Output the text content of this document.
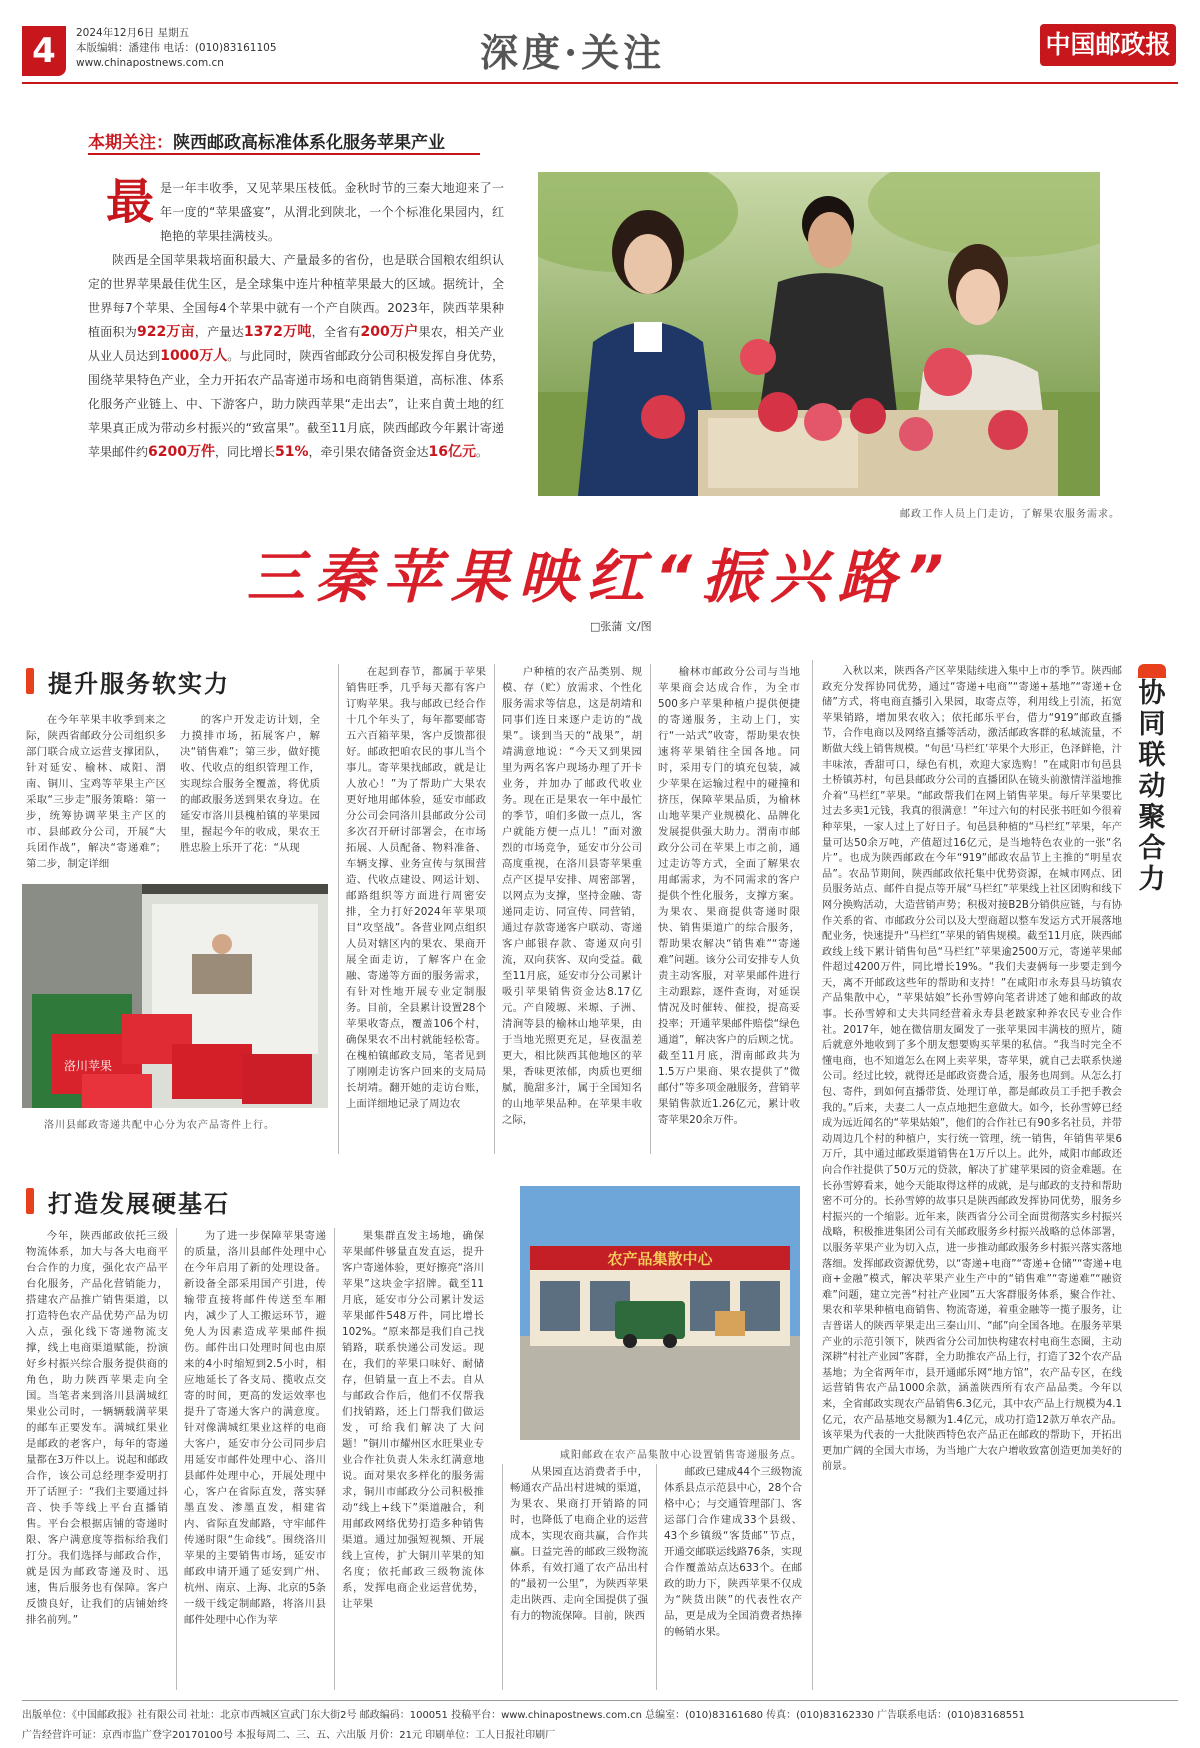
4	2024年12月6日 星期五
本版编辑：潘建伟 电话：(010)83161105
www.chinapostnews.com.cn	深度·关注	中国邮政报
本期关注：陕西邮政高标准体系化服务苹果产业

最是一年丰收季，又见苹果压枝低。金秋时节的三秦大地迎来了一年一度的“苹果盛宴”，从渭北到陕北，一个个标准化果园内，红艳艳的苹果挂满枝头。

陕西是全国苹果栽培面积最大、产量最多的省份，也是联合国粮农组织认定的世界苹果最佳优生区，是全球集中连片种植苹果最大的区域。据统计，全世界每7个苹果、全国每4个苹果中就有一个产自陕西。2023年，陕西苹果种植面积为922万亩，产量达1372万吨，全省有200万户果农，相关产业从业人员达到1000万人。与此同时，陕西省邮政分公司积极发挥自身优势，围绕苹果特色产业，全力开拓农产品寄递市场和电商销售渠道，高标准、体系化服务产业链上、中、下游客户，助力陕西苹果“走出去”，让来自黄土地的红苹果真正成为带动乡村振兴的“致富果”。截至11月底，陕西邮政今年累计寄递苹果邮件约6200万件，同比增长51%，牵引果农储备资金达16亿元。

邮政工作人员上门走访，了解果农服务需求。
三秦苹果映红“振兴路”
□张蒲 文/图
提升服务软实力

在今年苹果丰收季到来之际，陕西省邮政分公司组织多部门联合成立运营支撑团队，针对延安、榆林、咸阳、渭南、铜川、宝鸡等苹果主产区采取“三步走”服务策略：第一步，统筹协调苹果主产区的市、县邮政分公司，开展“大兵团作战”，解决“寄递难”；第二步，制定详细

的客户开发走访计划，全力摸排市场，拓展客户，解决“销售难”；第三步，做好揽收、代收点的组织管理工作，实现综合服务全覆盖，将优质的邮政服务送到果农身边。在延安市洛川县槐柏镇的苹果园里，握起今年的收成，果农王胜忠脸上乐开了花：“从现

洛川苹果
洛川县邮政寄递共配中心分为农产品寄件上行。

在起到春节，都属于苹果销售旺季，几乎每天都有客户订购苹果。我与邮政已经合作十几个年头了，每年都要邮寄五六百箱苹果，客户反馈都很好。邮政把咱农民的事儿当个事儿。寄苹果找邮政，就是让人放心！”为了帮助广大果农更好地用邮体验，延安市邮政分公司会同洛川县邮政分公司多次召开研讨部署会，在市场拓展、人员配备、物料准备、车辆支撑、业务宣传与氛围营造、代收点建设、网运计划、邮路组织等方面进行周密安排，全力打好2024年苹果项目“攻坚战”。各营业网点组织人员对辖区内的果农、果商开展全面走访，了解客户在金融、寄递等方面的服务需求，有针对性地开展专业定制服务。目前，全县累计设置28个苹果收寄点，覆盖106个村，确保果农不出村就能轻松寄。在槐柏镇邮政支局，笔者见到了刚刚走访客户回来的支局局长胡靖。翻开她的走访台账，上面详细地记录了周边农

户种植的农产品类别、规模、存（贮）放需求、个性化服务需求等信息，这是胡靖和同事们连日来逐户走访的“战果”。谈到当天的“战果”，胡靖满意地说：“今天又到果园里为两名客户现场办理了开卡业务，并加办了邮政代收业务。现在正是果农一年中最忙的季节，咱们多做一点儿，客户就能方便一点儿！”面对激烈的市场竞争，延安市分公司高度重视，在洛川县寄苹果重点产区提早安排、周密部署，以网点为支撑，坚持金融、寄递同走访、同宣传、同营销，通过存款寄递客户联动、寄递客户邮银存款、寄递双向引流，双向获客、双向受益。截至11月底，延安市分公司累计吸引苹果销售资金达8.17亿元。产自陵塬、米塬、子洲、清涧等县的榆林山地苹果，由于当地光照更充足，昼夜温差更大，相比陕西其他地区的苹果，香味更浓郁，肉质也更细腻，脆甜多汁，属于全国知名的山地苹果品种。在苹果丰收之际，

榆林市邮政分公司与当地苹果商会达成合作，为全市500多户苹果种植户提供便捷的寄递服务，主动上门，实行“一站式”收寄，帮助果农快速将苹果销往全国各地。同时，采用专门的填充包装，减少苹果在运输过程中的碰撞和挤压，保障苹果品质，为榆林山地苹果产业规模化、品牌化发展提供强大助力。渭南市邮政分公司在苹果上市之前，通过走访等方式，全面了解果农用邮需求，为不同需求的客户提供个性化服务，支撑方案。为果农、果商提供寄递时限快、销售渠道广的综合服务，帮助果农解决“销售难”“寄递难”问题。该分公司安排专人负责主动客服，对苹果邮件进行主动跟踪，逐件查询，对延误情况及时催转、催投，提高妥投率；开通苹果邮件赔偿“绿色通道”，解决客户的后顾之忧。截至11月底，渭南邮政共为1.5万户果商、果农提供了“微邮付”等多项金融服务，营销苹果销售款近1.26亿元，累计收寄苹果20余万件。

打造发展硬基石

今年，陕西邮政依托三级物流体系，加大与各大电商平台合作的力度，强化农产品平台化服务，产品化营销能力，搭建农产品推广销售渠道，以打造特色农产品优势产品为切入点，强化线下寄递物流支撑，线上电商渠道赋能，扮演好乡村振兴综合服务提供商的角色，助力陕西苹果走向全国。当笔者来到洛川县满城红果业公司时，一辆辆载满苹果的邮车正要发车。满城红果业是邮政的老客户，每年的寄递量都在3万件以上。说起和邮政合作，该公司总经理李爱明打开了话匣子：“我们主要通过抖音、快手等线上平台直播销售。平台会根据店铺的寄递时限、客户满意度等指标给我们打分。我们选择与邮政合作，就是因为邮政寄递及时、迅速，售后服务也有保障。客户反馈良好，让我们的店铺始终排名前列。”

为了进一步保障苹果寄递的质量，洛川县邮件处理中心在今年启用了新的处理设备。新设备全部采用国产引进，传输带直接将邮件传送至车厢内，减少了人工搬运环节，避免人为因素造成苹果邮件损伤。邮件出口处理时间也由原来的4小时缩短到2.5小时，相应地延长了各支局、揽收点交寄的时间，更高的发运效率也提升了寄递大客户的满意度。针对像满城红果业这样的电商大客户，延安市分公司同步启用延安市邮件处理中心、洛川县邮件处理中心，开展处理中心，客户在省际直发，落实驿墨直发、渗墨直发，相建省内、省际直发邮路，守牢邮件传递时限“生命线”。围绕洛川苹果的主要销售市场，延安市邮政申请开通了延安到广州、杭州、南京、上海、北京的5条一级干线定制邮路，将洛川县邮件处理中心作为苹

果集群直发主场地，确保苹果邮件够量直发直运，提升客户寄递体验，更好擦亮“洛川苹果”这块金字招牌。截至11月底，延安市分公司累计发运苹果邮件548万件，同比增长102%。“原来都是我们自己找销路，联系快递公司发运。现在，我们的苹果口味好、耐储存，但销量一直上不去。自从与邮政合作后，他们不仅帮我们找销路，还上门帮我们做运发，可给我们解决了大问题！”铜川市耀州区水旺果业专业合作社负责人朱永红满意地说。面对果农多样化的服务需求，铜川市邮政分公司积极推动“线上+线下”渠道融合，利用邮政网络优势打造多种销售渠道。通过加强短视频、开展线上宣传，扩大铜川苹果的知名度；依托邮政三级物流体系，发挥电商企业运营优势，让苹果

农产品集散中心
咸阳邮政在农产品集散中心设置销售寄递服务点。

从果园直达消费者手中，畅通农产品出村进城的渠道，为果农、果商打开销路的同时，也降低了电商企业的运营成本，实现农商共赢，合作共赢。日益完善的邮政三级物流体系，有效打通了农产品出村的“最初一公里”，为陕西苹果走出陕西、走向全国提供了强有力的物流保障。目前，陕西

邮政已建成44个三级物流体系县点示范县中心，28个合格中心；与交通管理部门、客运部门合作建成33个县级、43个乡镇级“客货邮”节点，开通交邮联运线路76条，实现合作覆盖站点达633个。在邮政的助力下，陕西苹果不仅成为“陕货出陕”的代表性农产品，更是成为全国消费者热捧的畅销水果。

入秋以来，陕西各产区苹果陆续进入集中上市的季节。陕西邮政充分发挥协同优势，通过“寄递+电商”“寄递+基地”“寄递+仓储”方式，将电商直播引入果园，取寄点等，利用线上引流，拓宽苹果销路，增加果农收入；依托邮乐平台，借力“919”邮政直播节，合作电商以及网络直播等活动，激活邮政客群的私域流量，不断做大线上销售规模。“旬邑‘马栏红’苹果个大形正，色泽鲜艳，汁丰味浓，香甜可口，绿色有机，欢迎大家选购！”在咸阳市旬邑县土桥镇苏村，旬邑县邮政分公司的直播团队在镜头前激情洋溢地推介着“马栏红”苹果。“邮政帮我们在网上销售苹果。每斤苹果要比过去多卖1元钱，我真的很满意！”年过六旬的村民张书旺如今很着种苹果，一家人过上了好日子。旬邑县种植的“马栏红”苹果，年产量可达50余万吨，产值超过16亿元，是当地特色农业的一张“名片”。也成为陕西邮政在今年“919”邮政农品节上主推的“明星农品”。农品节期间，陕西邮政依托集中优势资源，在城市网点、团员服务站点、邮件自提点等开展“马栏红”苹果线上社区团购和线下网分换购活动，大造营销声势；积极对接B2B分销供应链，与有协作关系的省、市邮政分公司以及大型商超以整车发运方式开展落地配业务，快速提升“马栏红”苹果的销售规模。截至11月底，陕西邮政线上线下累计销售旬邑“马栏红”苹果逾2500万元，寄递苹果邮件超过4200万件，同比增长19%。“我们夫妻俩每一步要走到今天，离不开邮政这些年的帮助和支持！”在咸阳市永寿县马坊镇农产品集散中心，“苹果姑娘”长孙雪婷向笔者讲述了她和邮政的故事。长孙雪婷和丈夫共同经营着永寿县老跛家种养农民专业合作社。2017年，她在微信朋友圈发了一张苹果园丰满枝的照片，随后就意外地收到了多个朋友想要购买苹果的私信。“我当时完全不懂电商，也不知道怎么在网上卖苹果，寄苹果，就自己去联系快递公司。经过比较，就得还是邮政资费合适，服务也周到。从怎么打包、寄件，到如何直播带货、处理订单，都是邮政员工手把手教会我的。”后来，夫妻二人一点点地把生意做大。如今，长孙雪婷已经成为远近闻名的“苹果姑娘”，他们的合作社已有90多名社员，并带动周边几个村的种植户，实行统一管理，统一销售，年销售苹果6万斤，其中通过邮政渠道销售在1万斤以上。此外，咸阳市邮政还向合作社提供了50万元的贷款，解决了扩建苹果园的资金难题。在长孙雪婷看来，她今天能取得这样的成就，是与邮政的支持和帮助密不可分的。长孙雪婷的故事只是陕西邮政发挥协同优势，服务乡村振兴的一个缩影。近年来，陕西省分公司全面贯彻落实乡村振兴战略，积极推进集团公司有关邮政服务乡村振兴战略的总体部署，以服务苹果产业为切入点，进一步推动邮政服务乡村振兴落实落地落细。发挥邮政资源优势，以“寄递+电商”“寄递+仓储”“寄递+电商+金融”模式，解决苹果产业生产中的“销售难”“寄递难”“融资难”问题，建立完善“村社产业园”五大客群服务体系，聚合作社、果农和苹果种植电商销售、物流寄递，着重金融等一揽子服务，让吉普诺人的陕西苹果走出三秦山川、“邮”向全国各地。在服务苹果产业的示范引领下，陕西省分公司加快构建农村电商生态圈，主动深耕“村社产业园”客群，全力助推农产品上行，打造了32个农产品基地；为全省两年市，县开通邮乐网“地方馆”，农产品专区，在线运营销售农产品1000余款，涵盖陕西所有农产品品类。今年以来，全省邮政实现农产品销售6.3亿元，其中农产品上行规模为4.1亿元，农产品基地交易额为1.4亿元，成功打造12款万单农产品。该苹果为代表的一大批陕西特色农产品正在邮政的帮助下，开拓出更加广阔的全国大市场，为当地广大农户增收致富创造更加美好的前景。

协
同
联
动
聚
合
力
出版单位：《中国邮政报》社有限公司 社址：北京市西城区宣武门东大街2号 邮政编码：100051 投稿平台：www.chinapostnews.com.cn 总编室：(010)83161680 传真：(010)83162330 广告联系电话：(010)83168551
广告经营许可证：京西市监广登字20170100号 本报每周二、三、五、六出版 月价：21元 印刷单位：工人日报社印刷厂
